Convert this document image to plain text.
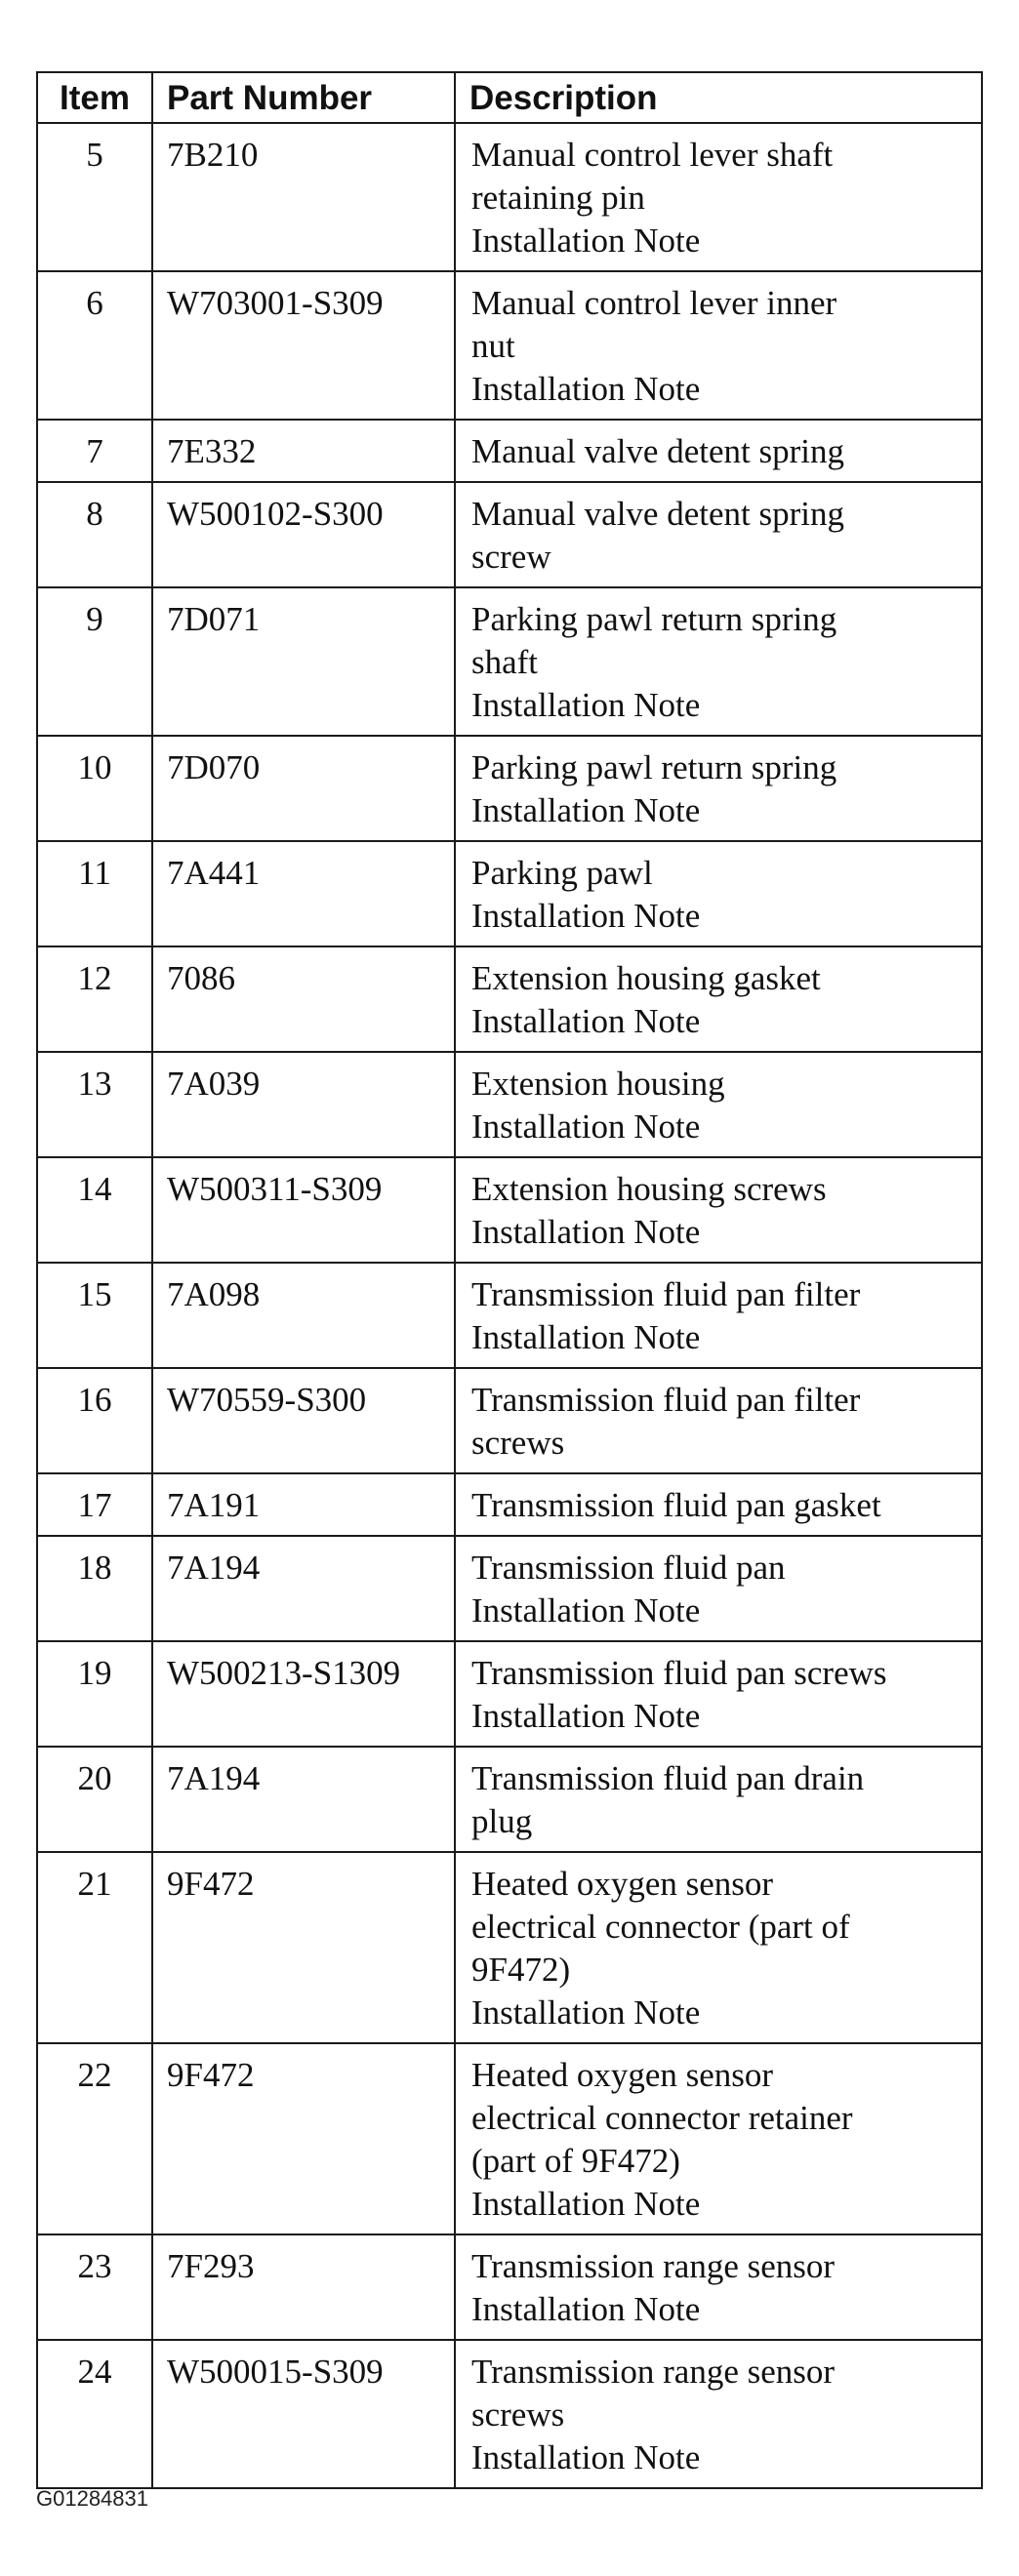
Item	Part Number	Description
5	7B210	Manual control lever shaft
retaining pin
Installation Note

6	W703001-S309	Manual control lever inner
nut
Installation Note

7	7E332	Manual valve detent spring

8	W500102-S300	Manual valve detent spring
screw

9	7D071	Parking pawl return spring
shaft
Installation Note

10	7D070	Parking pawl return spring
Installation Note

11	7A441	Parking pawl
Installation Note

12	7086	Extension housing gasket
Installation Note

13	7A039	Extension housing
Installation Note

14	W500311-S309	Extension housing screws
Installation Note

15	7A098	Transmission fluid pan filter
Installation Note

16	W70559-S300	Transmission fluid pan filter
screws

17	7A191	Transmission fluid pan gasket

18	7A194	Transmission fluid pan
Installation Note

19	W500213-S1309	Transmission fluid pan screws
Installation Note

20	7A194	Transmission fluid pan drain
plug

21	9F472	Heated oxygen sensor
electrical connector (part of
9F472)
Installation Note

22	9F472	Heated oxygen sensor
electrical connector retainer
(part of 9F472)
Installation Note

23	7F293	Transmission range sensor
Installation Note

24	W500015-S309	Transmission range sensor
screws
Installation Note
G01284831
